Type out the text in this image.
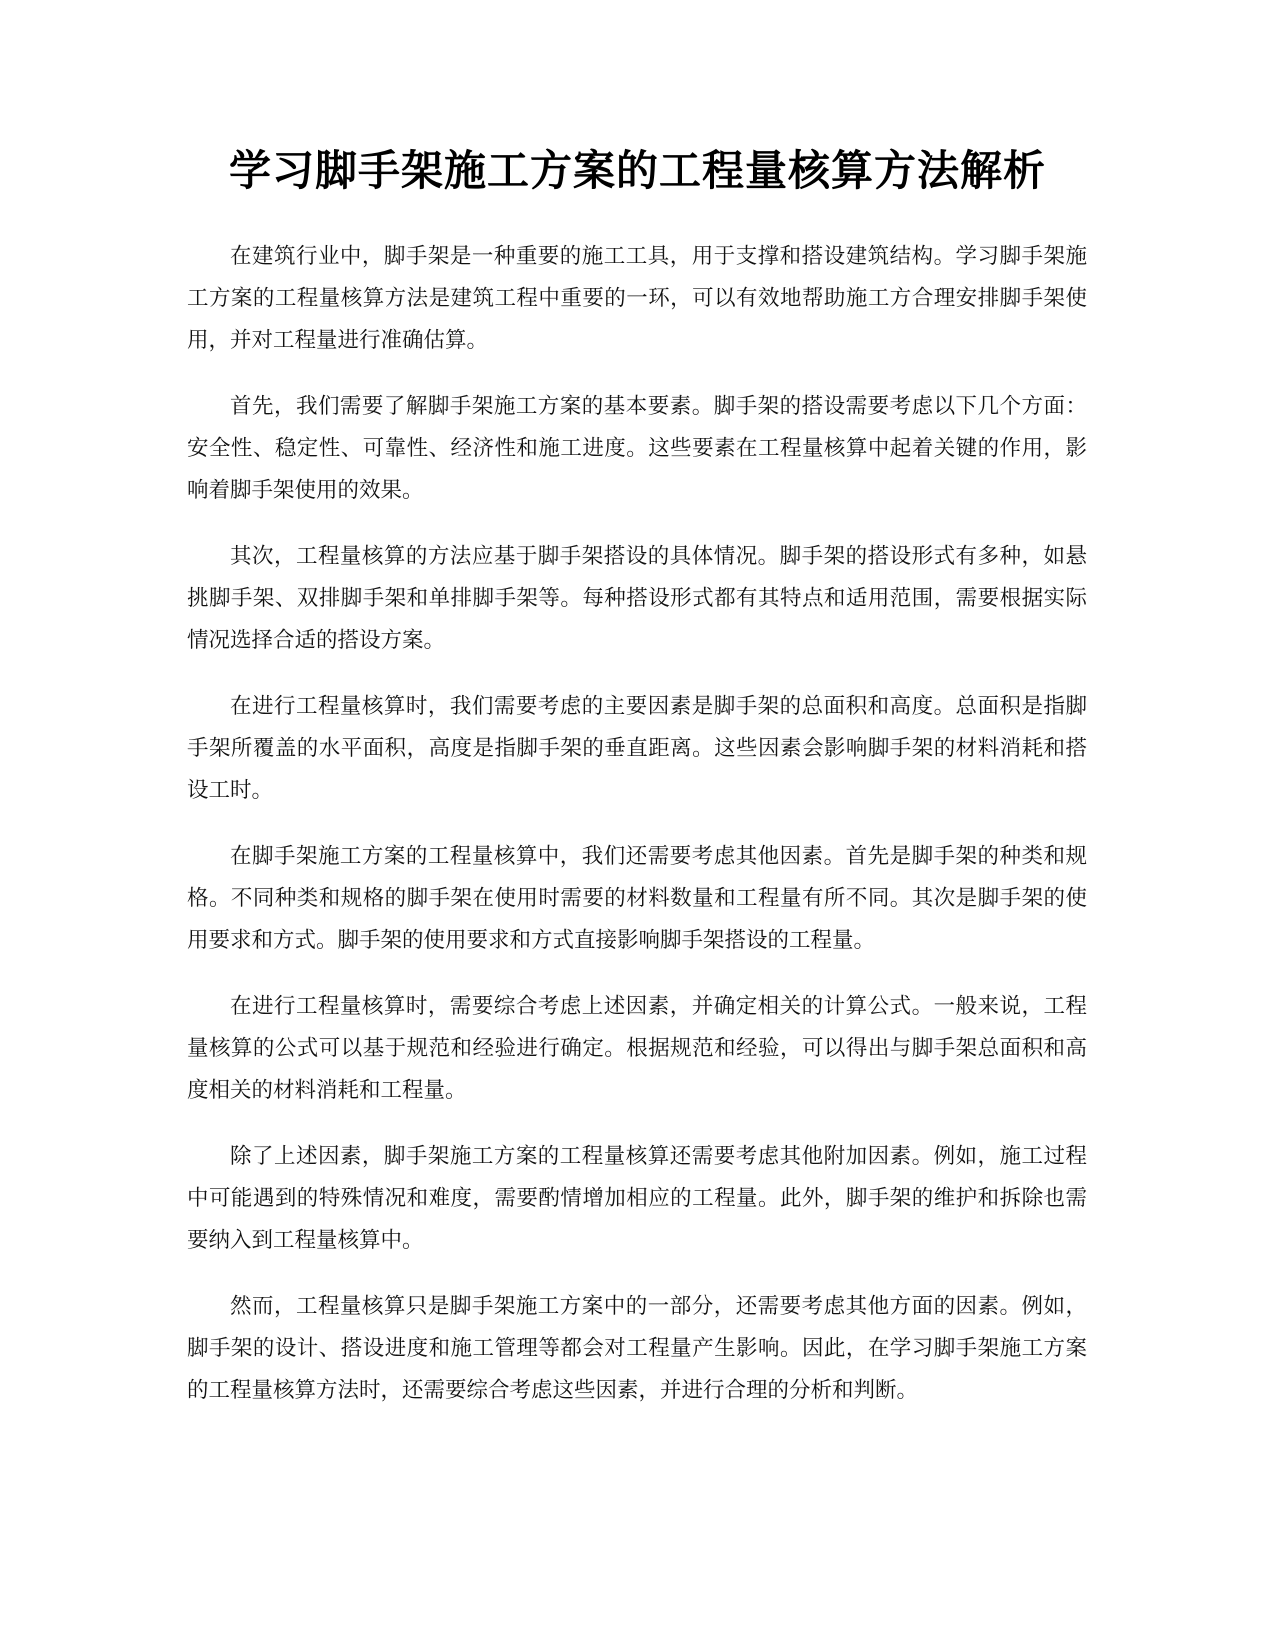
学习脚手架施工方案的工程量核算方法解析

在建筑行业中，脚手架是一种重要的施工工具，用于支撑和搭设建筑结构。学习脚手架施工方案的工程量核算方法是建筑工程中重要的一环，可以有效地帮助施工方合理安排脚手架使用，并对工程量进行准确估算。

首先，我们需要了解脚手架施工方案的基本要素。脚手架的搭设需要考虑以下几个方面：安全性、稳定性、可靠性、经济性和施工进度。这些要素在工程量核算中起着关键的作用，影响着脚手架使用的效果。

其次，工程量核算的方法应基于脚手架搭设的具体情况。脚手架的搭设形式有多种，如悬挑脚手架、双排脚手架和单排脚手架等。每种搭设形式都有其特点和适用范围，需要根据实际情况选择合适的搭设方案。

在进行工程量核算时，我们需要考虑的主要因素是脚手架的总面积和高度。总面积是指脚手架所覆盖的水平面积，高度是指脚手架的垂直距离。这些因素会影响脚手架的材料消耗和搭设工时。

在脚手架施工方案的工程量核算中，我们还需要考虑其他因素。首先是脚手架的种类和规格。不同种类和规格的脚手架在使用时需要的材料数量和工程量有所不同。其次是脚手架的使用要求和方式。脚手架的使用要求和方式直接影响脚手架搭设的工程量。

在进行工程量核算时，需要综合考虑上述因素，并确定相关的计算公式。一般来说，工程量核算的公式可以基于规范和经验进行确定。根据规范和经验，可以得出与脚手架总面积和高度相关的材料消耗和工程量。

除了上述因素，脚手架施工方案的工程量核算还需要考虑其他附加因素。例如，施工过程中可能遇到的特殊情况和难度，需要酌情增加相应的工程量。此外，脚手架的维护和拆除也需要纳入到工程量核算中。

然而，工程量核算只是脚手架施工方案中的一部分，还需要考虑其他方面的因素。例如，脚手架的设计、搭设进度和施工管理等都会对工程量产生影响。因此，在学习脚手架施工方案的工程量核算方法时，还需要综合考虑这些因素，并进行合理的分析和判断。
